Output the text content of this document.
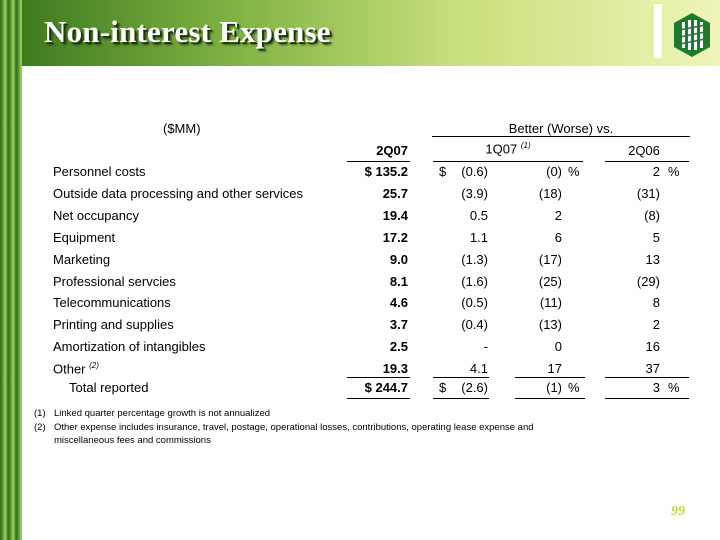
Non-interest Expense
($MM)	Better (Worse) vs.
2Q07	1Q07 $^{(1)}$	2Q06
Personnel costs	$ 135.2 $	(0.6)	(0) %	2 %
Outside data processing and other services	25.7	(3.9)	(18)	(31)
Net occupancy	19.4	0.5	2	(8)
Equipment	17.2	1.1	6	5
Marketing	9.0	(1.3)	(17)	13
Professional servcies	8.1	(1.6)	(25)	(29)
Telecommunications	4.6	(0.5)	(11)	8
Printing and supplies	3.7	(0.4)	(13)	2
Amortization of intangibles	2.5	-	0	16
Other $^{(2)}$	19.3	4.1	17	37
Total reported	$ 244.7 $	(2.6)	(1) %	3 %
(1) Linked quarter percentage growth is not annualized
(2) Other expense includes insurance, travel, postage, operational losses, contributions, operating lease expense and
miscellaneous fees and commissions
99
